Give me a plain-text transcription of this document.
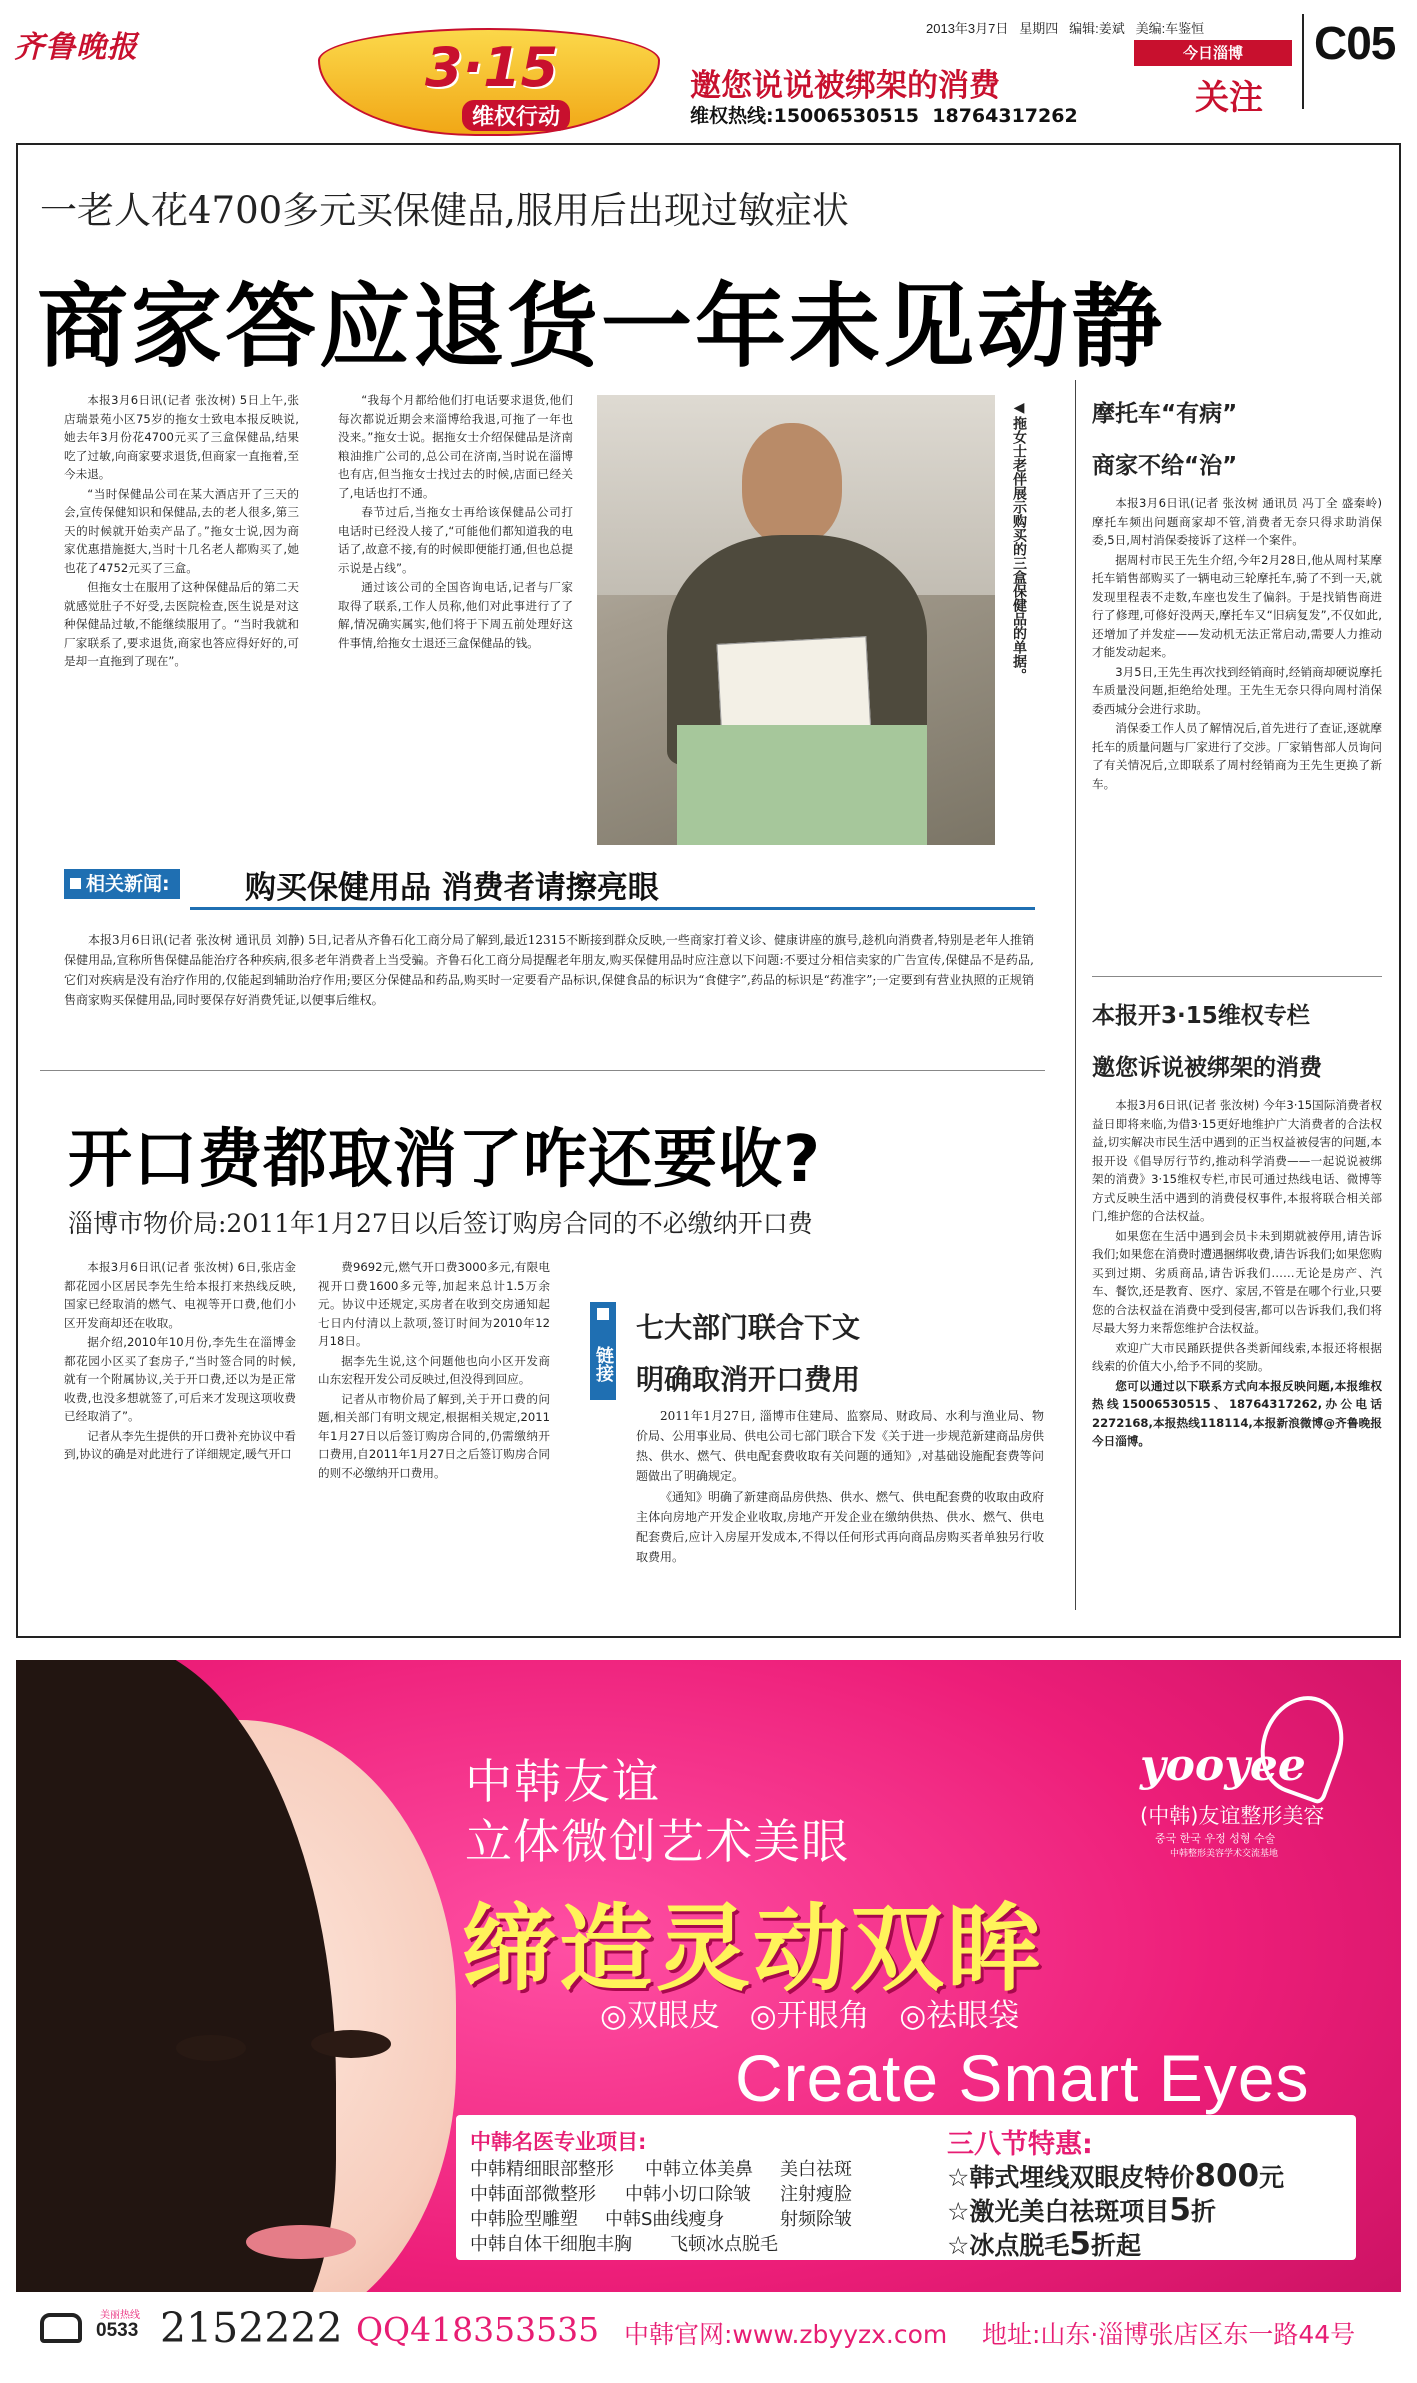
齐鲁晚报	3·15
维权行动
邀您说说被绑架的消费
维权热线:15006530515  18764317262
2013年3月7日 星期四 编辑:姜斌 美编:车鉴恒
今日淄博
关注
C05
一老人花4700多元买保健品,服用后出现过敏症状
商家答应退货一年未见动静

本报3月6日讯(记者 张汝树) 5日上午,张店瑞景苑小区75岁的拖女士致电本报反映说,她去年3月份花4700元买了三盒保健品,结果吃了过敏,向商家要求退货,但商家一直拖着,至今未退。

“当时保健品公司在某大酒店开了三天的会,宣传保健知识和保健品,去的老人很多,第三天的时候就开始卖产品了。”拖女士说,因为商家优惠措施挺大,当时十几名老人都购买了,她也花了4752元买了三盒。

但拖女士在服用了这种保健品后的第二天就感觉肚子不好受,去医院检查,医生说是对这种保健品过敏,不能继续服用了。“当时我就和厂家联系了,要求退货,商家也答应得好好的,可是却一直拖到了现在”。

“我每个月都给他们打电话要求退货,他们每次都说近期会来淄博给我退,可拖了一年也没来。”拖女士说。据拖女士介绍保健品是济南粮油推广公司的,总公司在济南,当时说在淄博也有店,但当拖女士找过去的时候,店面已经关了,电话也打不通。

春节过后,当拖女士再给该保健品公司打电话时已经没人接了,“可能他们都知道我的电话了,故意不接,有的时候即便能打通,但也总提示说是占线”。

通过该公司的全国咨询电话,记者与厂家取得了联系,工作人员称,他们对此事进行了了解,情况确实属实,他们将于下周五前处理好这件事情,给拖女士退还三盒保健品的钱。	◀拖女士老伴展示购买的三盒保健品的单据。	摩托车“有病”
商家不给“治”

本报3月6日讯(记者 张汝树 通讯员 冯丁全 盛秦岭) 摩托车频出问题商家却不管,消费者无奈只得求助消保委,5日,周村消保委接诉了这样一个案件。

据周村市民王先生介绍,今年2月28日,他从周村某摩托车销售部购买了一辆电动三轮摩托车,骑了不到一天,就发现里程表不走数,车座也发生了偏斜。于是找销售商进行了修理,可修好没两天,摩托车又“旧病复发”,不仅如此,还增加了并发症——发动机无法正常启动,需要人力推动才能发动起来。

3月5日,王先生再次找到经销商时,经销商却硬说摩托车质量没问题,拒绝给处理。王先生无奈只得向周村消保委西城分会进行求助。

消保委工作人员了解情况后,首先进行了查证,逐就摩托车的质量问题与厂家进行了交涉。厂家销售部人员询问了有关情况后,立即联系了周村经销商为王先生更换了新车。

本报开3·15维权专栏
邀您诉说被绑架的消费

本报3月6日讯(记者 张汝树) 今年3·15国际消费者权益日即将来临,为借3·15更好地维护广大消费者的合法权益,切实解决市民生活中遇到的正当权益被侵害的问题,本报开设《倡导厉行节约,推动科学消费——一起说说被绑架的消费》3·15维权专栏,市民可通过热线电话、微博等方式反映生活中遇到的消费侵权事件,本报将联合相关部门,维护您的合法权益。

如果您在生活中遇到会员卡未到期就被停用,请告诉我们;如果您在消费时遭遇捆绑收费,请告诉我们;如果您购买到过期、劣质商品,请告诉我们……无论是房产、汽车、餐饮,还是教育、医疗、家居,不管是在哪个行业,只要您的合法权益在消费中受到侵害,都可以告诉我们,我们将尽最大努力来帮您维护合法权益。

欢迎广大市民踊跃提供各类新闻线索,本报还将根据线索的价值大小,给予不同的奖励。

您可以通过以下联系方式向本报反映问题,本报维权热线15006530515、18764317262,办公电话2272168,本报热线118114,本报新浪微博@齐鲁晚报今日淄博。

相关新闻:	购买保健用品 消费者请擦亮眼
本报3月6日讯(记者 张汝树 通讯员 刘静) 5日,记者从齐鲁石化工商分局了解到,最近12315不断接到群众反映,一些商家打着义诊、健康讲座的旗号,趁机向消费者,特别是老年人推销保健用品,宣称所售保健品能治疗各种疾病,很多老年消费者上当受骗。齐鲁石化工商分局提醒老年朋友,购买保健用品时应注意以下问题:不要过分相信卖家的广告宣传,保健品不是药品,它们对疾病是没有治疗作用的,仅能起到辅助治疗作用;要区分保健品和药品,购买时一定要看产品标识,保健食品的标识为“食健字”,药品的标识是“药准字”;一定要到有营业执照的正规销售商家购买保健用品,同时要保存好消费凭证,以便事后维权。
开口费都取消了咋还要收?
淄博市物价局:2011年1月27日以后签订购房合同的不必缴纳开口费

本报3月6日讯(记者 张汝树) 6日,张店金都花园小区居民李先生给本报打来热线反映,国家已经取消的燃气、电视等开口费,他们小区开发商却还在收取。

据介绍,2010年10月份,李先生在淄博金都花园小区买了套房子,“当时签合同的时候,就有一个附属协议,关于开口费,还以为是正常收费,也没多想就签了,可后来才发现这项收费已经取消了”。

记者从李先生提供的开口费补充协议中看到,协议的确是对此进行了详细规定,暖气开口

费9692元,燃气开口费3000多元,有限电视开口费1600多元等,加起来总计1.5万余元。协议中还规定,买房者在收到交房通知起七日内付清以上款项,签订时间为2010年12月18日。

据李先生说,这个问题他也向小区开发商山东宏程开发公司反映过,但没得到回应。

记者从市物价局了解到,关于开口费的问题,相关部门有明文规定,根据相关规定,2011年1月27日以后签订购房合同的,仍需缴纳开口费用,自2011年1月27日之后签订购房合同的则不必缴纳开口费用。

链接
七大部门联合下文
明确取消开口费用

2011年1月27日, 淄博市住建局、监察局、财政局、水利与渔业局、物价局、公用事业局、供电公司七部门联合下发《关于进一步规范新建商品房供热、供水、燃气、供电配套费收取有关问题的通知》,对基础设施配套费等问题做出了明确规定。

《通知》明确了新建商品房供热、供水、燃气、供电配套费的收取由政府主体向房地产开发企业收取,房地产开发企业在缴纳供热、供水、燃气、供电配套费后,应计入房屋开发成本,不得以任何形式再向商品房购买者单独另行收取费用。

中韩友谊
立体微创艺术美眼
缔造灵动双眸
◎双眼皮 ◎开眼角 ◎祛眼袋
Create Smart Eyes
yooyee
(中韩)友谊整形美容
중국 한국 우정 성형 수술
中韩整形美容学术交流基地
中韩名医专业项目:
中韩精细眼部整形 中韩立体美鼻 美白祛斑
中韩面部微整形 中韩小切口除皱 注射瘦脸
中韩脸型雕塑 中韩S曲线瘦身	射频除皱
中韩自体干细胞丰胸 飞顿冰点脱毛
三八节特惠:
☆韩式埋线双眼皮特价800元
☆激光美白祛斑项目5折
☆冰点脱毛5折起
美丽热线
0533 2152222 QQ418353535 中韩官网:www.zbyyzx.com 地址:山东·淄博张店区东一路44号
